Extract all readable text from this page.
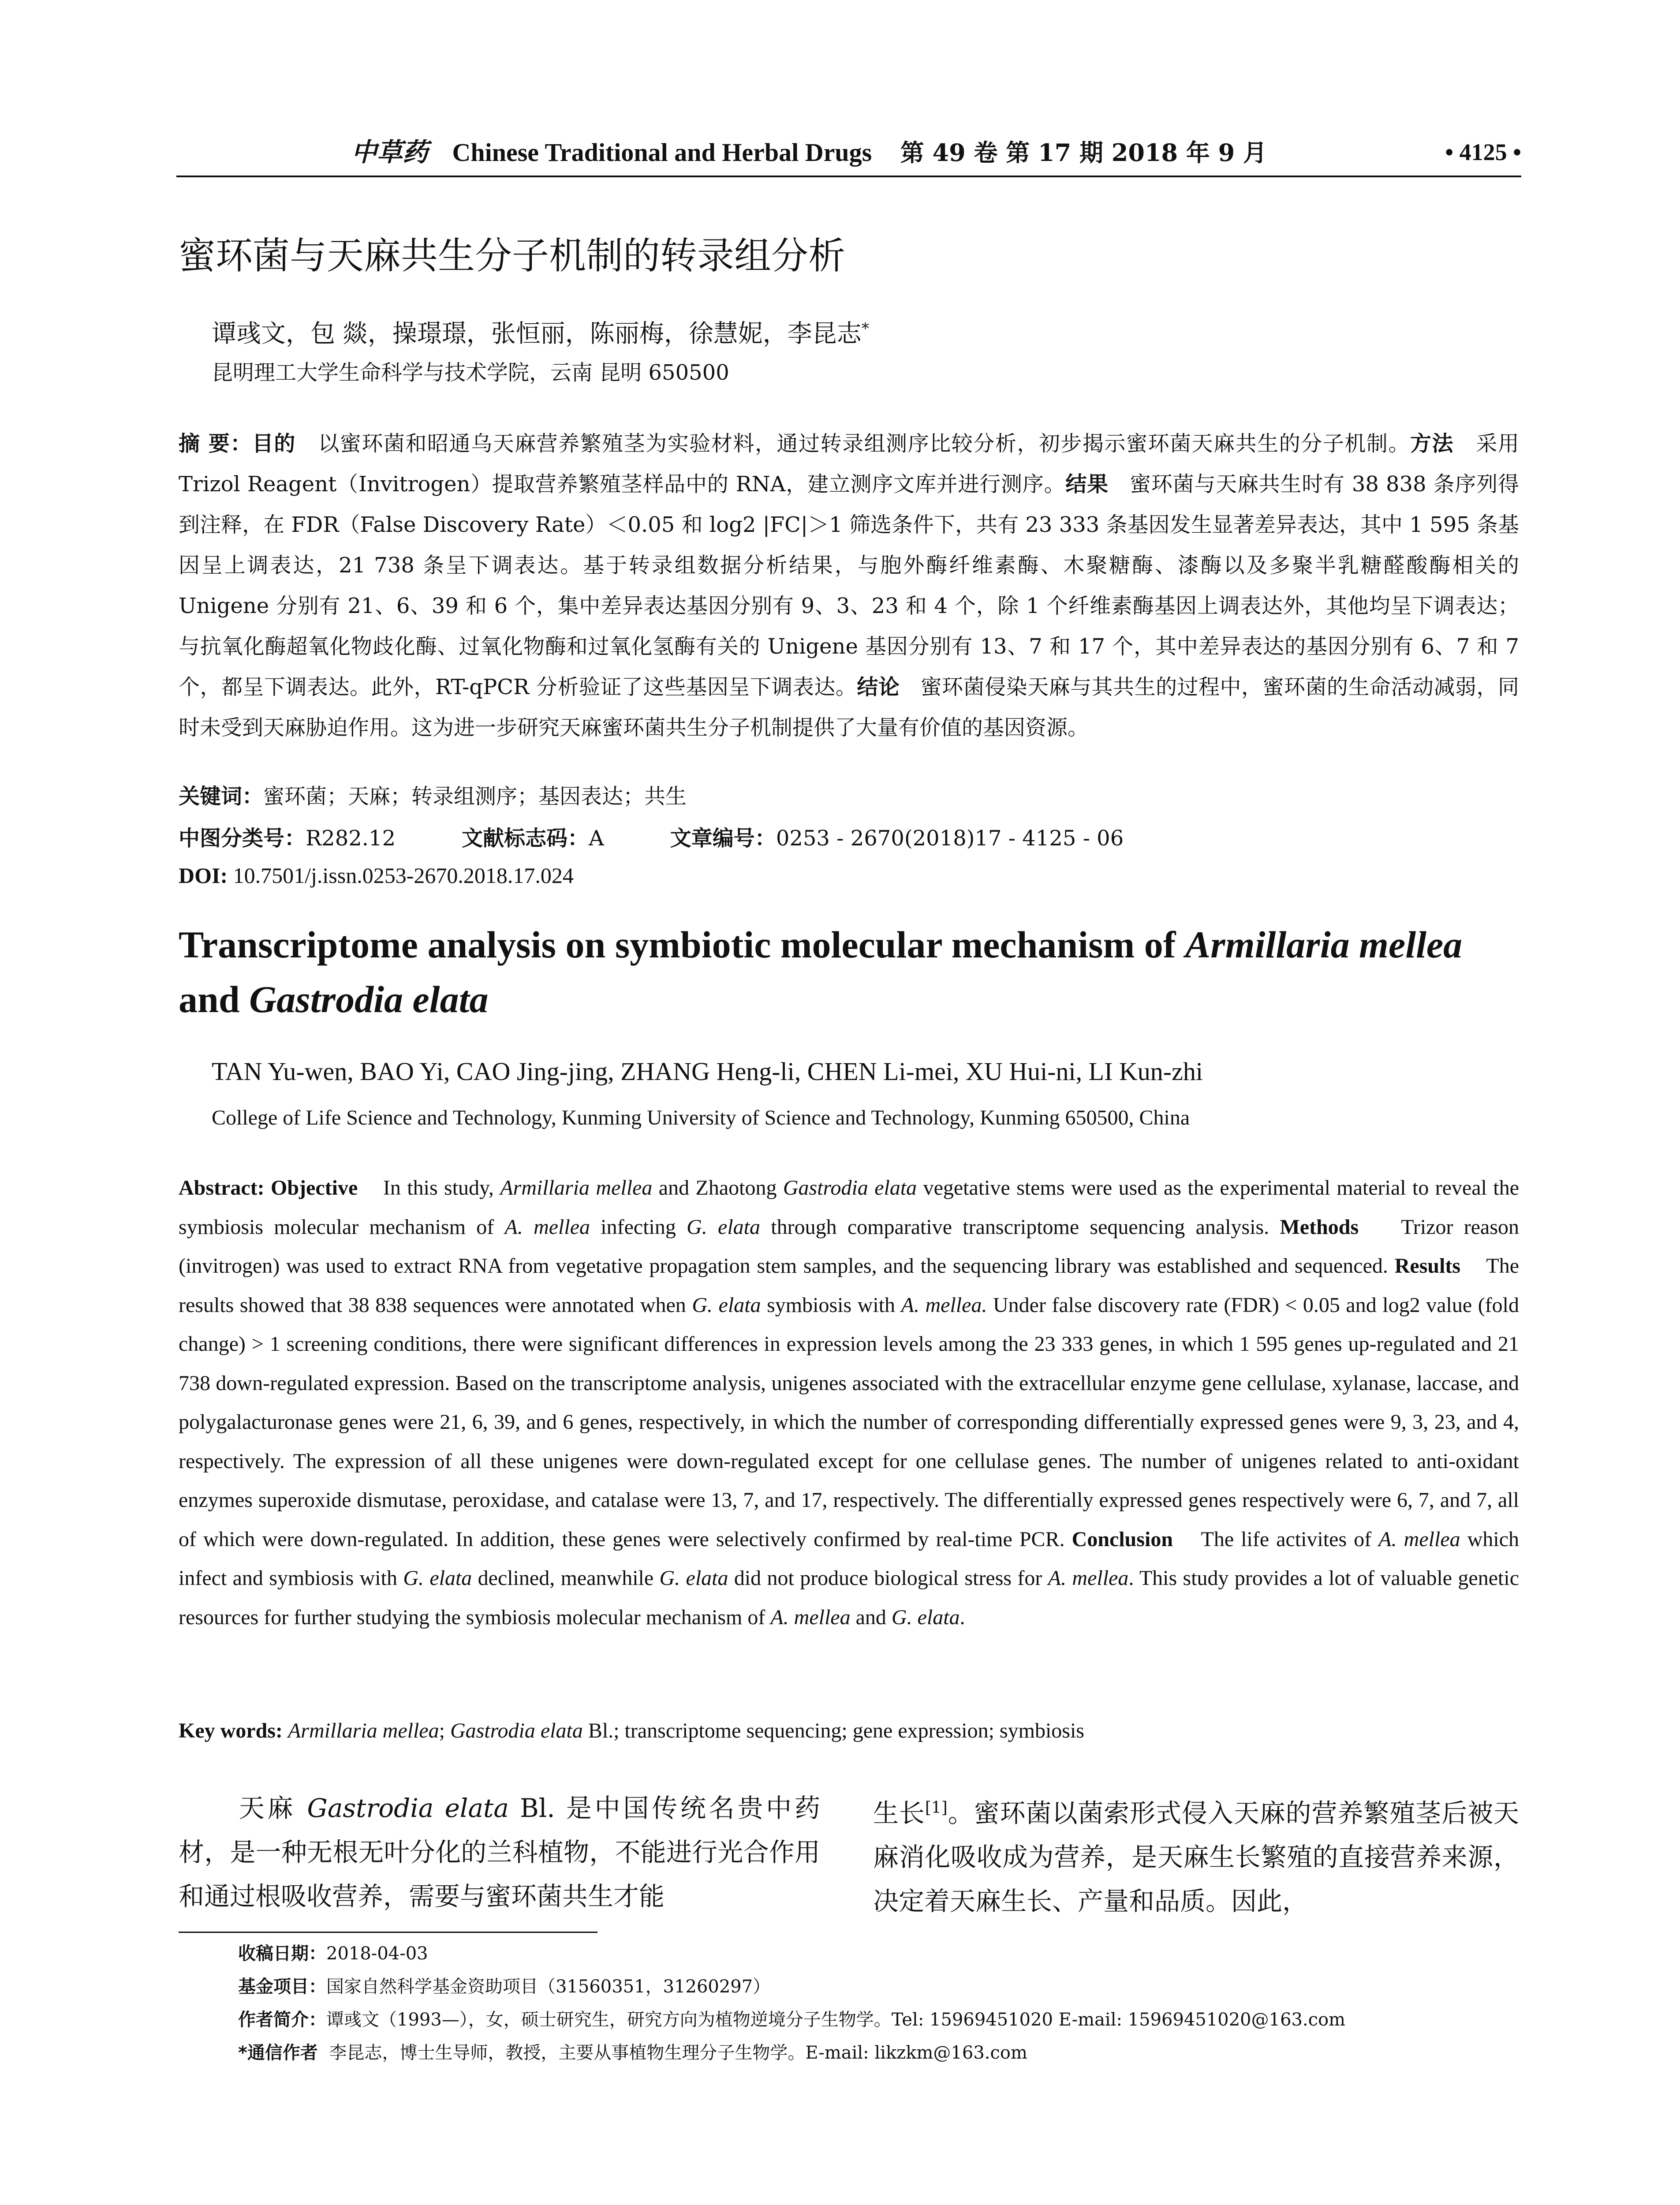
中草药 Chinese Traditional and Herbal Drugs 第 49 卷 第 17 期 2018 年 9 月	• 4125 •
蜜环菌与天麻共生分子机制的转录组分析
谭彧文，包 燚，操璟璟，张恒丽，陈丽梅，徐慧妮，李昆志*
昆明理工大学生命科学与技术学院，云南 昆明 650500
摘 要：目的 以蜜环菌和昭通乌天麻营养繁殖茎为实验材料，通过转录组测序比较分析，初步揭示蜜环菌天麻共生的分子机制。方法 采用 Trizol Reagent（Invitrogen）提取营养繁殖茎样品中的 RNA，建立测序文库并进行测序。结果 蜜环菌与天麻共生时有 38 838 条序列得到注释，在 FDR（False Discovery Rate）＜0.05 和 log2 |FC|＞1 筛选条件下，共有 23 333 条基因发生显著差异表达，其中 1 595 条基因呈上调表达，21 738 条呈下调表达。基于转录组数据分析结果，与胞外酶纤维素酶、木聚糖酶、漆酶以及多聚半乳糖醛酸酶相关的 Unigene 分别有 21、6、39 和 6 个，集中差异表达基因分别有 9、3、23 和 4 个，除 1 个纤维素酶基因上调表达外，其他均呈下调表达；与抗氧化酶超氧化物歧化酶、过氧化物酶和过氧化氢酶有关的 Unigene 基因分别有 13、7 和 17 个，其中差异表达的基因分别有 6、7 和 7 个，都呈下调表达。此外，RT-qPCR 分析验证了这些基因呈下调表达。结论 蜜环菌侵染天麻与其共生的过程中，蜜环菌的生命活动减弱，同时未受到天麻胁迫作用。这为进一步研究天麻蜜环菌共生分子机制提供了大量有价值的基因资源。
关键词：蜜环菌；天麻；转录组测序；基因表达；共生
中图分类号：R282.12	文献标志码：A	文章编号：0253 - 2670(2018)17 - 4125 - 06
DOI: 10.7501/j.issn.0253-2670.2018.17.024
Transcriptome analysis on symbiotic molecular mechanism of Armillaria mellea
and Gastrodia elata
TAN Yu-wen, BAO Yi, CAO Jing-jing, ZHANG Heng-li, CHEN Li-mei, XU Hui-ni, LI Kun-zhi
College of Life Science and Technology, Kunming University of Science and Technology, Kunming 650500, China
Abstract: Objective In this study, Armillaria mellea and Zhaotong Gastrodia elata vegetative stems were used as the experimental material to reveal the symbiosis molecular mechanism of A. mellea infecting G. elata through comparative transcriptome sequencing analysis. Methods Trizor reason (invitrogen) was used to extract RNA from vegetative propagation stem samples, and the sequencing library was established and sequenced. Results The results showed that 38 838 sequences were annotated when G. elata symbiosis with A. mellea. Under false discovery rate (FDR) < 0.05 and log2 value (fold change) > 1 screening conditions, there were significant differences in expression levels among the 23 333 genes, in which 1 595 genes up-regulated and 21 738 down-regulated expression. Based on the transcriptome analysis, unigenes associated with the extracellular enzyme gene cellulase, xylanase, laccase, and polygalacturonase genes were 21, 6, 39, and 6 genes, respectively, in which the number of corresponding differentially expressed genes were 9, 3, 23, and 4, respectively. The expression of all these unigenes were down-regulated except for one cellulase genes. The number of unigenes related to anti-oxidant enzymes superoxide dismutase, peroxidase, and catalase were 13, 7, and 17, respectively. The differentially expressed genes respectively were 6, 7, and 7, all of which were down-regulated. In addition, these genes were selectively confirmed by real-time PCR. Conclusion The life activites of A. mellea which infect and symbiosis with G. elata declined, meanwhile G. elata did not produce biological stress for A. mellea. This study provides a lot of valuable genetic resources for further studying the symbiosis molecular mechanism of A. mellea and G. elata.
Key words: Armillaria mellea; Gastrodia elata Bl.; transcriptome sequencing; gene expression; symbiosis
天麻 Gastrodia elata Bl. 是中国传统名贵中药材，是一种无根无叶分化的兰科植物，不能进行光合作用和通过根吸收营养，需要与蜜环菌共生才能
生长[1]。蜜环菌以菌索形式侵入天麻的营养繁殖茎后被天麻消化吸收成为营养，是天麻生长繁殖的直接营养来源，决定着天麻生长、产量和品质。因此，
收稿日期：2018-04-03
基金项目：国家自然科学基金资助项目（31560351，31260297）
作者简介：谭彧文（1993—），女，硕士研究生，研究方向为植物逆境分子生物学。Tel: 15969451020 E-mail: 15969451020@163.com
*通信作者 李昆志，博士生导师，教授，主要从事植物生理分子生物学。E-mail: likzkm@163.com
